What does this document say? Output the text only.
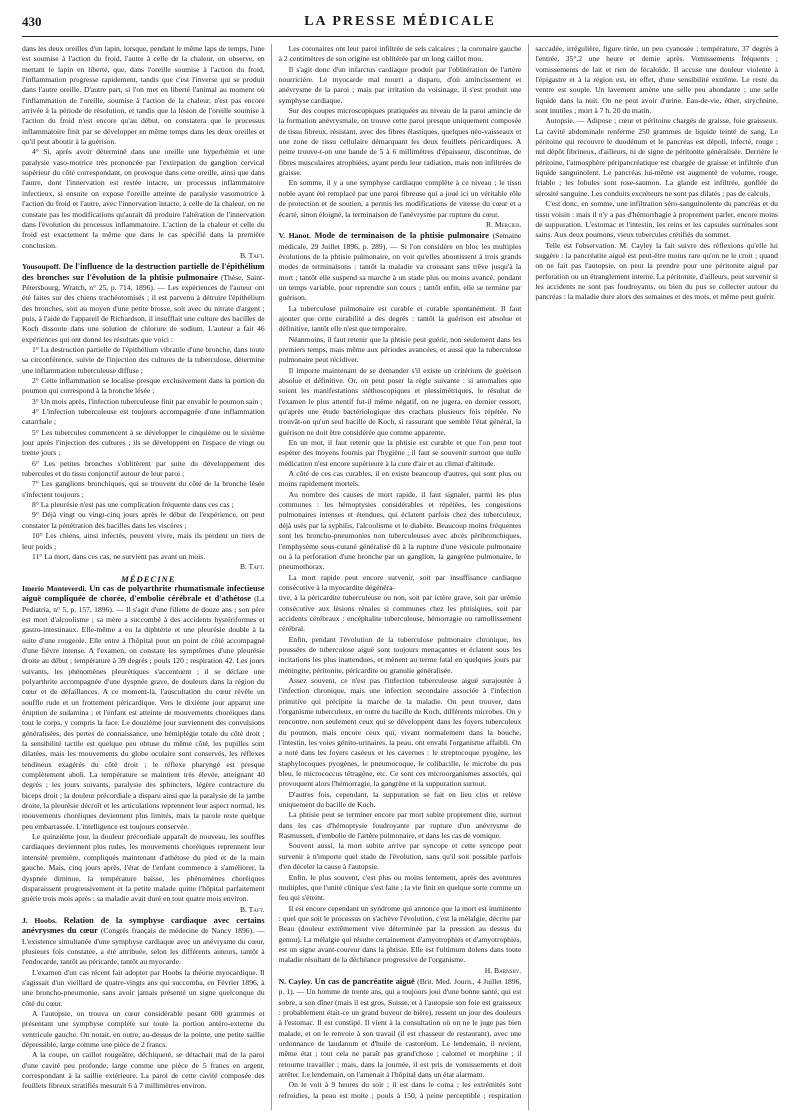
430	LA PRESSE MÉDICALE

dans les deux oreilles d'un lapin, lorsque, pendant le même laps de temps, l'une est soumise à l'action du froid, l'autre à celle de la chaleur, on observe, en mettant le lapin en liberté, que, dans l'oreille soumise à l'action du froid, l'inflammation progresse rapidement, tandis que c'est l'inverse qui se produit dans l'autre oreille. D'autre part, si l'on met en liberté l'animal au moment où l'inflammation de l'oreille, soumise à l'action de la chaleur, n'est pas encore arrivée à la période de résolution, et tandis que la lésion de l'oreille soumise à l'action du froid n'est encore qu'au début, on constatera que le processus inflammatoire finit par se développer en même temps dans les deux oreilles et qu'il peut aboutir à la guérison.

4° Si, après avoir déterminé dans une oreille une hyperhémie et une paralysie vaso-motrice très prononcée par l'extirpation du ganglion cervical supérieur du côté correspondant, on provoque dans cette oreille, ainsi que dans l'autre, dont l'innervation est restée intacte, un processus inflammatoire infectieux, si ensuite on expose l'oreille atteinte de paralysie vasomotrice à l'action du froid et l'autre, avec l'innervation intacte, à celle de la chaleur, on ne constate pas les modifications qu'aurait dû produire l'altération de l'innervation dans l'évolution du processus inflammatoire. L'action de la chaleur et celle du froid est exactement la même que dans le cas spécifié dans la première conclusion.

B. Taft.

Yousoupoff. De l'influence de la destruction partielle de l'épithélium des bronches sur l'évolution de la phtisie pulmonaire (Thèse, Saint-Pétersbourg, Wratch, n° 25, p. 714, 1896). — Les expériences de l'auteur ont été faites sur des chiens trachéotomisés ; il est parvenu à détruire l'épithélium des bronches, soit au moyen d'une petite brosse, soit avec du nitrate d'argent ; puis, à l'aide de l'appareil de Richardson, il insufflait une culture des bacilles de Koch dissoute dans une solution de chlorure de sodium. L'auteur a fait 46 expériences qui ont donné les résultats que voici :

1° La destruction partielle de l'épithélium vibratile d'une bronche, dans toute sa circonférence, suivie de l'injection des cultures de la tuberculose, détermine une inflammation tuberculeuse diffuse ;

2° Cette inflammation se localise presque exclusivement dans la portion du poumon qui correspond à la bronche lésée ;

3° Un mois après, l'infection tuberculeuse finit par envahir le poumon sain ;

4° L'infection tuberculeuse est toujours accompagnée d'une inflammation catarrhale ;

5° Les tubercules commencent à se développer le cinquième ou le sixième jour après l'injection des cultures ; ils se développent en l'espace de vingt ou trente jours ;

6° Les petites bronches s'oblitèrent par suite du développement des tubercules et du tissu conjonctif autour de leur paroi ;

7° Les ganglions bronchiques, qui se trouvent du côté de la bronche lésée s'infectent toujours ;

8° La pleurésie n'est pas une complication fréquente dans ces cas ;

9° Déjà vingt ou vingt-cinq jours après le début de l'expérience, on peut constater la pénétration des bacilles dans les viscères ;

10° Les chiens, ainsi infectés, peuvent vivre, mais ils perdent un tiers de leur poids ;

11° La mort, dans ces cas, ne survient pas avant un mois.

B. Taft.

MÉDECINE

Imerio Monteverdi. Un cas de polyarthrite rhumatismale infectieuse aiguë compliquée de chorée, d'embolie cérébrale et d'athétose (La Pediatria, n° 5, p. 157, 1896). — Il s'agit d'une fillette de douze ans ; son père est mort d'alcoolisme ; sa mère a succombé à des accidents hystériformes et gastro-intestinaux. Elle-même a eu la diphtérie et une pleurésie double à la suite d'une rougeole. Elle entre à l'hôpital pour un point de côté accompagné d'une fièvre intense. A l'examen, on constate les symptômes d'une pleurésie droite au début ; température à 39 degrés ; pouls 120 ; respiration 42. Les jours suivants, les phénomènes pleurétiques s'accentuent ; il se déclare une polyarthrite accompagnée d'une dyspnée grave, de douleurs dans la région du cœur et de défaillances. A ce moment-là, l'auscultation du cœur révèle un souffle rude et un frottement péricardique. Vers le dixième jour apparut une éruption de sudamina ; et l'enfant est atteinte de mouvements choréiques dans tout le corps, y compris la face. Le douzième jour surviennent des convulsions généralisées, des pertes de connaissance, une hémiplégie totale du côté droit ; la sensibilité tactile est quelque peu obtuse du même côté, les pupilles sont dilatées, mais les mouvements du globe oculaire sont conservés, les réflexes tendineux exagérés du côté droit ; le réflexe pharyngé est presque complètement aboli. La température se maintient très élevée, atteignant 40 degrés ; les jours suivants, paralysie des sphincters, légère contracture du biceps droit ; la douleur précordiale a disparu ainsi que la paralysie de la jambe droite, la pleurésie décroît et les articulations reprennent leur aspect normal, les mouvements choréiques deviennent plus limités, mais la parole reste quelque peu embarrassée. L'intelligence est toujours conservée.

Le quinzième jour, la douleur précordiale apparaît de nouveau, les souffles cardiaques deviennent plus rudes, les mouvements choréiques reprennent leur intensité première, compliqués maintenant d'athétose du pied et de la main gauche. Mais, cinq jours après, l'état de l'enfant commence à s'améliorer, la dyspnée diminue, la température baisse, les phénomènes choréiques disparaissent progressivement et la petite malade quitte l'hôpital parfaitement guérie trois mois après : sa maladie avait duré en tout quatre mois environ.

B. Taft.

J. Hoobs. Relation de la symphyse cardiaque avec certains anévrysmes du cœur (Congrès français de médecine de Nancy 1896). — L'existence simultanée d'une symphyse cardiaque avec un anévrysme du cœur, plusieurs fois constatée, a été attribuée, selon les différents auteurs, tantôt à l'endocarde, tantôt au péricarde, tantôt au myocarde.

L'examen d'un cas récent fait adopter par Hoobs la théorie myocardique. Il s'agissait d'un vieillard de quatre-vingts ans qui succomba, en Février 1896, à une broncho-pneumonie, sans avoir jamais présenté un signe quelconque du côté du cœur.

A l'autopsie, on trouva un cœur considérable pesant 600 grammes et présentant une symphyse complète sur toute la portion antéro-externe du ventricule gauche. On notait, en outre, au-dessus de la pointe, une petite saillie dépressible, large comme une pièce de 2 francs.

A la coupe, un caillot rougeâtre, déchiqueté, se détachait mal de la paroi d'une cavité peu profonde, large comme une pièce de 5 francs en argent, correspondant à la saillie extérieure. La paroi de cette cavité composée des feuillets fibreux stratifiés mesurait 6 à 7 millimètres environ.

Les coronaires ont leur paroi infiltrée de sels calcaires ; la coronaire gauche à 2 centimètres de son origine est oblitérée par un long caillot mou.

Il s'agit donc d'un infarctus cardiaque produit par l'oblitération de l'artère nourricière. Le myocarde mal nourri a disparu, d'où amincissement et anévrysme de la paroi ; mais par irritation du voisinage, il s'est produit une symphyse cardiaque.

Sur des coupes microscopiques pratiquées au niveau de la paroi amincie de la formation anévrysmale, on trouve cette paroi presque uniquement composée de tissu fibreux, résistant, avec des fibres élastiques, quelques néo-vaisseaux et une zone de tissu cellulaire démarquant les deux feuillets péricardiques. A peine trouve-t-on une bande de 5 à 6 millimètres d'épaisseur, discontinue, de fibres musculaires atrophiées, ayant perdu leur radiation, mais non infiltrées de graisse.

En somme, il y a une symphyse cardiaque complète à ce niveau ; le tissu noble ayant été remplacé par une paroi fibreuse qui a joué ici un véritable rôle de protection et de soutien, a permis les modifications de vitesse du cœur et a écarté, sinon éloigné, la terminaison de l'anévrysme par rupture du cœur.

R. Mercier.

V. Hanot. Mode de terminaison de la phtisie pulmonaire (Semaine médicale, 29 Juillet 1896, p. 289). — Si l'on considère en bloc les multiples évolutions de la phtisie pulmonaire, on voit qu'elles aboutissent à trois grands modes de terminaisons : tantôt la maladie va croissant sans trêve jusqu'à la mort ; tantôt elle suspend sa marche à un stade plus ou moins avancé, pendant un temps variable, pour reprendre son cours ; tantôt enfin, elle se termine par guérison.

La tuberculose pulmonaire est curable et curable spontanément. Il faut ajouter que cette curabilité a des degrés : tantôt la guérison est absolue et définitive, tantôt elle n'est que temporaire.

Néanmoins, il faut retenir que la phtisie peut guérir, non seulement dans les premiers temps, mais même aux périodes avancées, et aussi que la tuberculose pulmonaire peut récidiver.

Il importe maintenant de se demander s'il existe un critérium de guérison absolue et définitive. Or, on peut poser la règle suivante : si anomalies que soient les manifestations stéthoscopiques et plessimétriques, le résultat de l'examen le plus attentif fut-il même négatif, on ne jugera, en dernier ressort, qu'après une étude bactériologique des crachats plusieurs fois répétée. Ne trouvât-on qu'un seul bacille de Koch, si rassurant que semble l'état général, la guérison ne doit être considérée que comme apparente.

En un mot, il faut retenir que la phtisie est curable et que l'on peut tout espérer des moyens fournis par l'hygiène ; il faut se souvenir surtout que nulle médication n'est encore supérieure à la cure d'air et au climat d'altitude.

A côté de ces cas curables, il en existe beaucoup d'autres, qui sont plus ou moins rapidement mortels.

Au nombre des causes de mort rapide, il faut signaler, parmi les plus communes : les hémoptysies considérables et répétées, les congestions pulmonaires intenses et étendues, qui éclatent parfois chez des tuberculeux, déjà usés par la syphilis, l'alcoolisme et le diabète. Beaucoup moins fréquentes sont les broncho-pneumonies non tuberculeuses avec abcès péribronchiques, l'emphysème sous-cutané généralisé dû à la rupture d'une vésicule pulmonaire ou à la perforation d'une bronche par un ganglion, la gangrène pulmonaire, le pneumothorax.

La mort rapide peut encore survenir, soit par insuffisance cardiaque consécutive à la myocardite dégénéra-

tive, à la péricardite tuberculeuse ou non, soit par ictère grave, soit par urémie consécutive aux lésions rénales si communes chez les phtisiques, soit par accidents cérébraux : encéphalite tuberculeuse, hémorragie ou ramollissement cérébral.

Enfin, pendant l'évolution de la tuberculose pulmonaire chronique, les poussées de tuberculose aiguë sont toujours menaçantes et éclatent sous les incitations les plus inattendues, et mènent au terme fatal en quelques jours par méningite, péritonite, péricardite ou granulie généralisée.

Assez souvent, ce n'est pas l'infection tuberculeuse aiguë surajoutée à l'infection chronique, mais une infection secondaire associée à l'infection primitive qui précipite la marche de la maladie. On peut trouver, dans l'organisme tuberculeux, en outre du bacille de Koch, différents microbes. On y rencontre, non seulement ceux qui se développent dans les foyers tuberculeux du poumon, mais encore ceux qui, vivant normalement dans la bouche, l'intestin, les voies génito-urinaires, la peau, ont envahi l'organisme affaibli. On a noté dans les foyers caséeux et les cavernes : le streptocoque pyogène, les staphylocoques pyogènes, le pneumocoque, le colibacille, le microbe du pus bleu, le micrococcus tétragène, etc. Ce sont ces microorganismes associés, qui provoquent alors l'hémorragie, la gangrène et la suppuration surtout.

D'autres fois, cependant, la suppuration se fait en lieu clos et relève uniquement du bacille de Koch.

La phtisie peut se terminer encore par mort subite proprement dite, surtout dans les cas d'hémoptysie foudroyante par rupture d'un anévrysme de Rasmussen, d'embolie de l'artère pulmonaire, et dans les cas de vomique.

Souvent aussi, la mort subite arrive par syncope et cette syncope peut survenir à n'importe quel stade de l'évolution, sans qu'il soit possible parfois d'en déceler la cause à l'autopsie.

Enfin, le plus souvent, c'est plus ou moins lentement, après des aventures multiples, que l'unité clinique s'est faite ; la vie finit en quelque sorte comme un feu qui s'éteint.

Il est encore cependant un syndrome qui annonce que la mort est imminente : quel que soit le processus on s'achève l'évolution, c'est la mélalgie, décrite par Beau (douleur extrêmement vive déterminée par la pression au dessus du genou). La mélalgie qui résulte certainement d'amyotrophies et d'amyotrophies, est un signe avant-coureur dans la phtisie. Elle est l'ultimum dolens dans toute maladie résultant de la déchéance progressive de l'organisme.

H. Barnsby.

N. Cayley. Un cas de pancréatite aiguë (Brit. Med. Journ., 4 Juillet 1896, p. 1). — Un homme de trente ans, qui a toujours joui d'une bonne santé, qui est sobre, a son dîner (mais il est gros, Suisse, et à l'autopsie son foie est graisseux : probablement était-ce un grand buveur de bière), ressent un jour des douleurs à l'estomac. Il est constipé. Il vient à la consultation où on ne le juge pas bien malade, et on le renvoie à son travail (il est chasseur de restaurant), avec une ordonnance de laudanum et d'huile de castoréum. Le lendemain, il revient, même état ; tout cela ne paraît pas grand'chose ; calomel et morphine ; il retourne travailler ; mais, dans la journée, il est pris de vomissements et doit arrêter. Le lendemain, on l'amenait à l'hôpital dans un état alarmant.

On le voit à 9 heures du soir ; il est dans le coma ; les extrémités sont refroidies, la peau est moite ; pouls à 150, à peine perceptible ; respiration saccadée, irrégulière, figure tirée, un peu cyanosée ; température, 37 degrés à l'entrée, 35°,2 une heure et demie après. Vomissements fréquents ; vomissements de lait et rien de fécaloïde. Il accuse une douleur violente à l'épigastre et à la région est, en effet, d'une sensibilité extrême. Le reste du ventre est souple. Un lavement amène une selle peu abondante ; une selle liquide dans la nuit. On ne peut avoir d'urine. Eau-de-vie, éther, strychnine, sont inutiles ; mort à 7 h. 20 du matin.

Autopsie. — Adipose ; cœur et péritoine chargés de graisse, foie graisseux. La cavité abdominale renferme 250 grammes de liquide teinté de sang. Le péritoine qui recouvre le duodénum et le pancréas est dépoli, infecté, rouge ; nul dépôt fibrineux, d'ailleurs, ni de signe de péritonite généralisée. Derrière le péritoine, l'atmosphère péripancréatique est chargée de graisse et infiltrée d'un liquide sanguinolent. Le pancréas lui-même est augmenté de volume, rouge, friable ; les lobules sont rose-saumon. La glande est infiltrée, gonflée de sérosité sanguine. Les conduits excréteurs ne sont pas dilatés ; pas de calculs.

C'est donc, en somme, une infiltration séro-sanguinolente du pancréas et du tissu voisin : mais il n'y a pas d'hémorrhagie à proprement parler, encore moins de suppuration. L'estomac et l'intestin, les reins et les capsules surrénales sont sains. Aux deux poumons, vieux tubercules crétifiés du sommet.

Telle est l'observation. M. Cayley la fait suivre des réflexions qu'elle lui suggère : la pancréatite aiguë est peut-être moins rare qu'on ne le croit ; quand on ne fait pas l'autopsie, on peut la prendre pour une péritonite aiguë par perforation ou un étranglement interne. La péritonite, d'ailleurs, peut survenir si les accidents ne sont pas foudroyants, ou bien du pus se collecter autour du pancréas : la maladie dure alors des semaines et des mois, et même peut guérir.
